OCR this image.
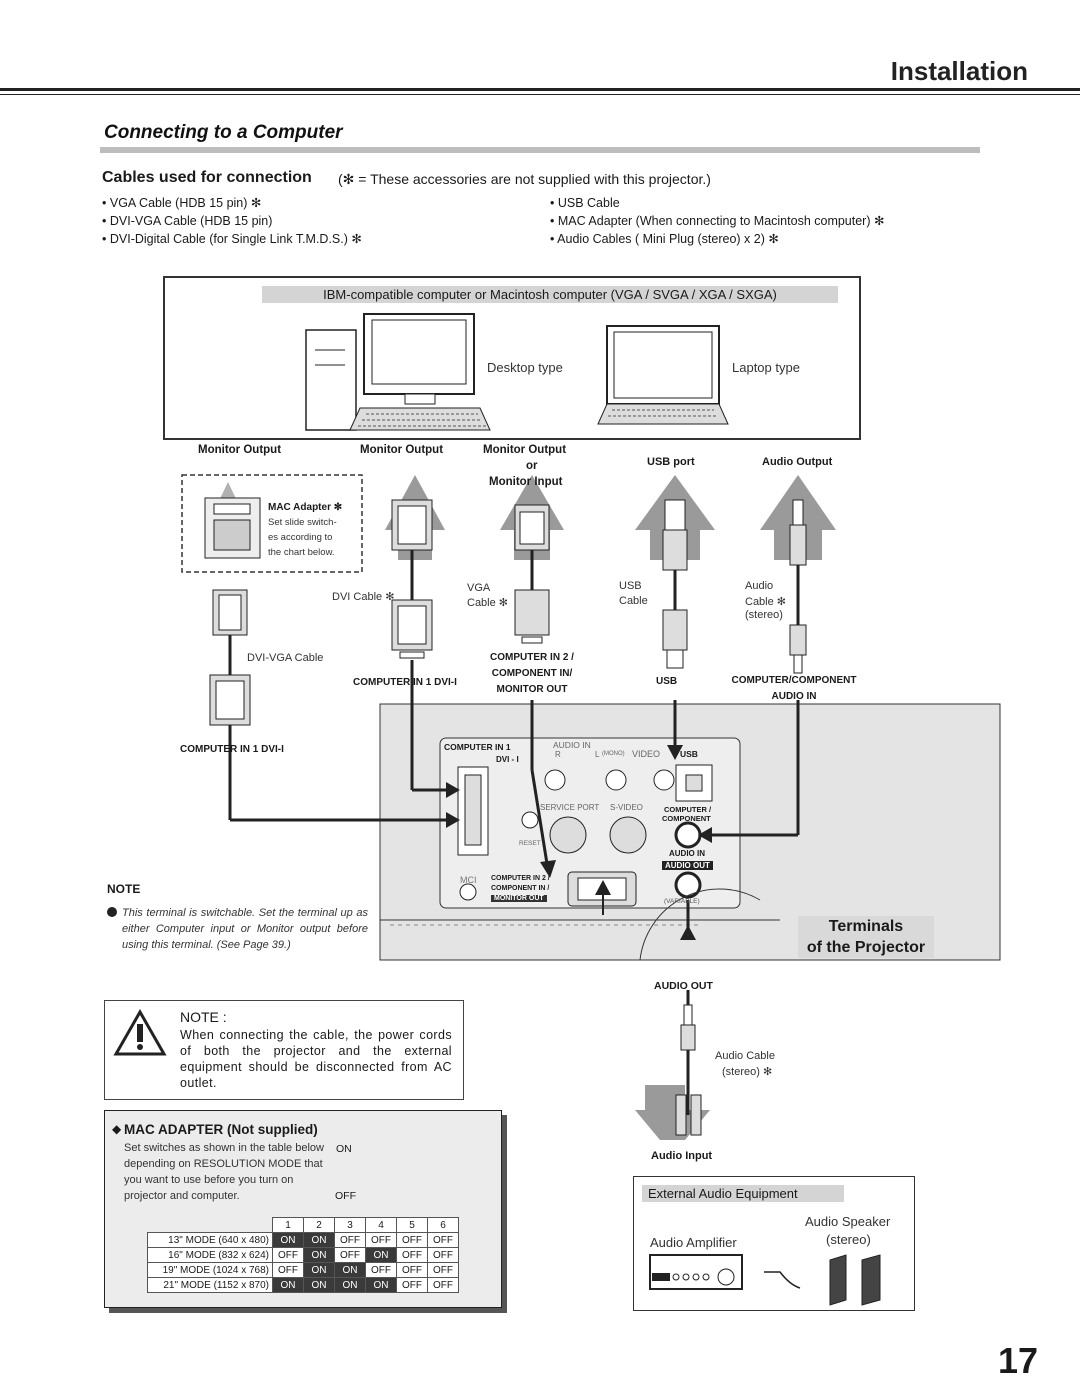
Installation
Connecting to a Computer
Cables used for connection (✻ = These accessories are not supplied with this projector.)
• VGA Cable (HDB 15 pin) ✻
• DVI-VGA Cable (HDB 15 pin)
• DVI-Digital Cable (for Single Link T.M.D.S.) ✻
• USB Cable
• MAC Adapter (When connecting to Macintosh computer) ✻
• Audio Cables ( Mini Plug (stereo) x 2) ✻
IBM-compatible computer or Macintosh computer (VGA / SVGA / XGA / SXGA)
Desktop type	Laptop type
Monitor Output	Monitor Output	Monitor Output
or
Monitor Input
USB port	Audio Output
MAC Adapter ✻
Set slide switch-
es according to
the chart below.
DVI Cable ✻
VGA
Cable ✻
USB
Cable
Audio
Cable ✻
(stereo)
DVI-VGA Cable
COMPUTER IN 1 DVI-I
COMPUTER IN 2 /
COMPONENT IN/
MONITOR OUT
USB	COMPUTER/COMPONENT
AUDIO IN
COMPUTER IN 1 DVI-I	COMPUTER IN 1
DVI - I
AUDIO IN
R	L (MONO) VIDEO USB
SERVICE PORT S-VIDEO	COMPUTER /
COMPONENT
RESET
AUDIO IN
AUDIO OUT
MCI COMPUTER IN 2 /
COMPONENT IN /
MONITOR OUT	(VARIABLE)
NOTE
This terminal is switchable. Set the terminal up as either Computer input or Monitor output before using this terminal. (See Page 39.)
Terminals
of the Projector
AUDIO OUT
Audio Cable
(stereo) ✻
Audio Input
NOTE :
When connecting the cable, the power cords of both the projector and the external equipment should be disconnected from AC outlet.
◆ MAC ADAPTER (Not supplied)
Set switches as shown in the table below depending on RESOLUTION MODE that you want to use before you turn on projector and computer.
ON
OFF
	1	2	3	4	5	6
13" MODE (640 x 480)	ON	ON	OFF	OFF	OFF	OFF
16" MODE (832 x 624)	OFF	ON	OFF	ON	OFF	OFF
19" MODE (1024 x 768)	OFF	ON	ON	OFF	OFF	OFF
21" MODE (1152 x 870)	ON	ON	ON	ON	OFF	OFF
External Audio Equipment
Audio Amplifier
Audio Speaker
(stereo)
17
